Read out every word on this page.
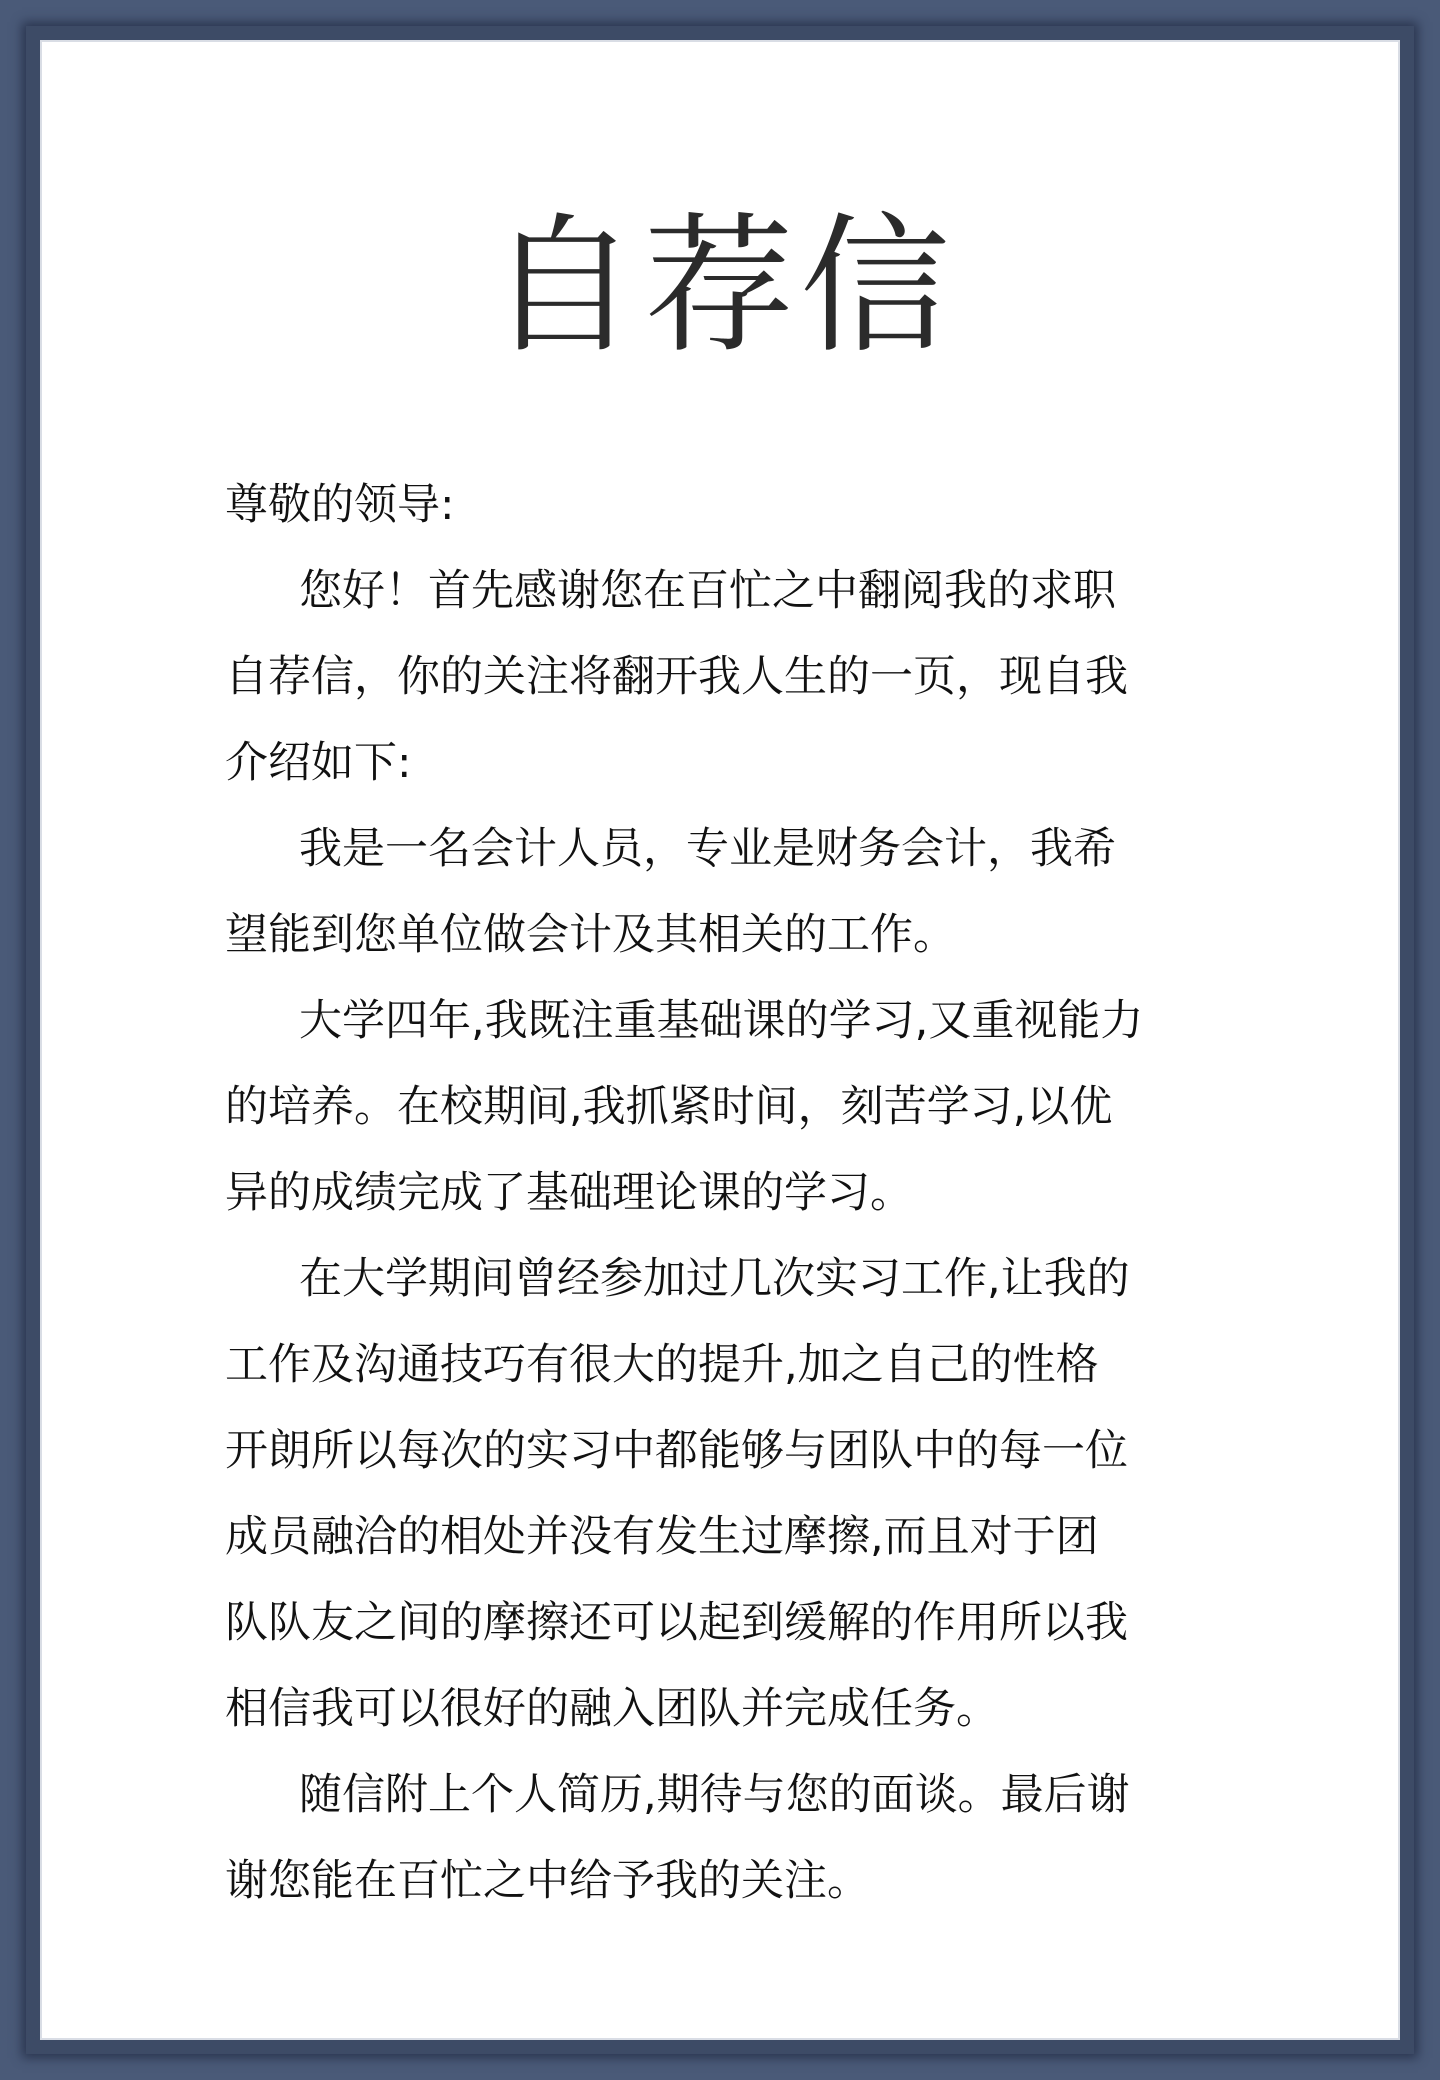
自荐信
尊敬的领导:
您好！首先感谢您在百忙之中翻阅我的求职
自荐信，你的关注将翻开我人生的一页，现自我
介绍如下:
我是一名会计人员，专业是财务会计，我希
望能到您单位做会计及其相关的工作。
大学四年,我既注重基础课的学习,又重视能力
的培养。在校期间,我抓紧时间，刻苦学习,以优
异的成绩完成了基础理论课的学习。
在大学期间曾经参加过几次实习工作,让我的
工作及沟通技巧有很大的提升,加之自己的性格
开朗所以每次的实习中都能够与团队中的每一位
成员融洽的相处并没有发生过摩擦,而且对于团
队队友之间的摩擦还可以起到缓解的作用所以我
相信我可以很好的融入团队并完成任务。
随信附上个人简历,期待与您的面谈。最后谢
谢您能在百忙之中给予我的关注。
